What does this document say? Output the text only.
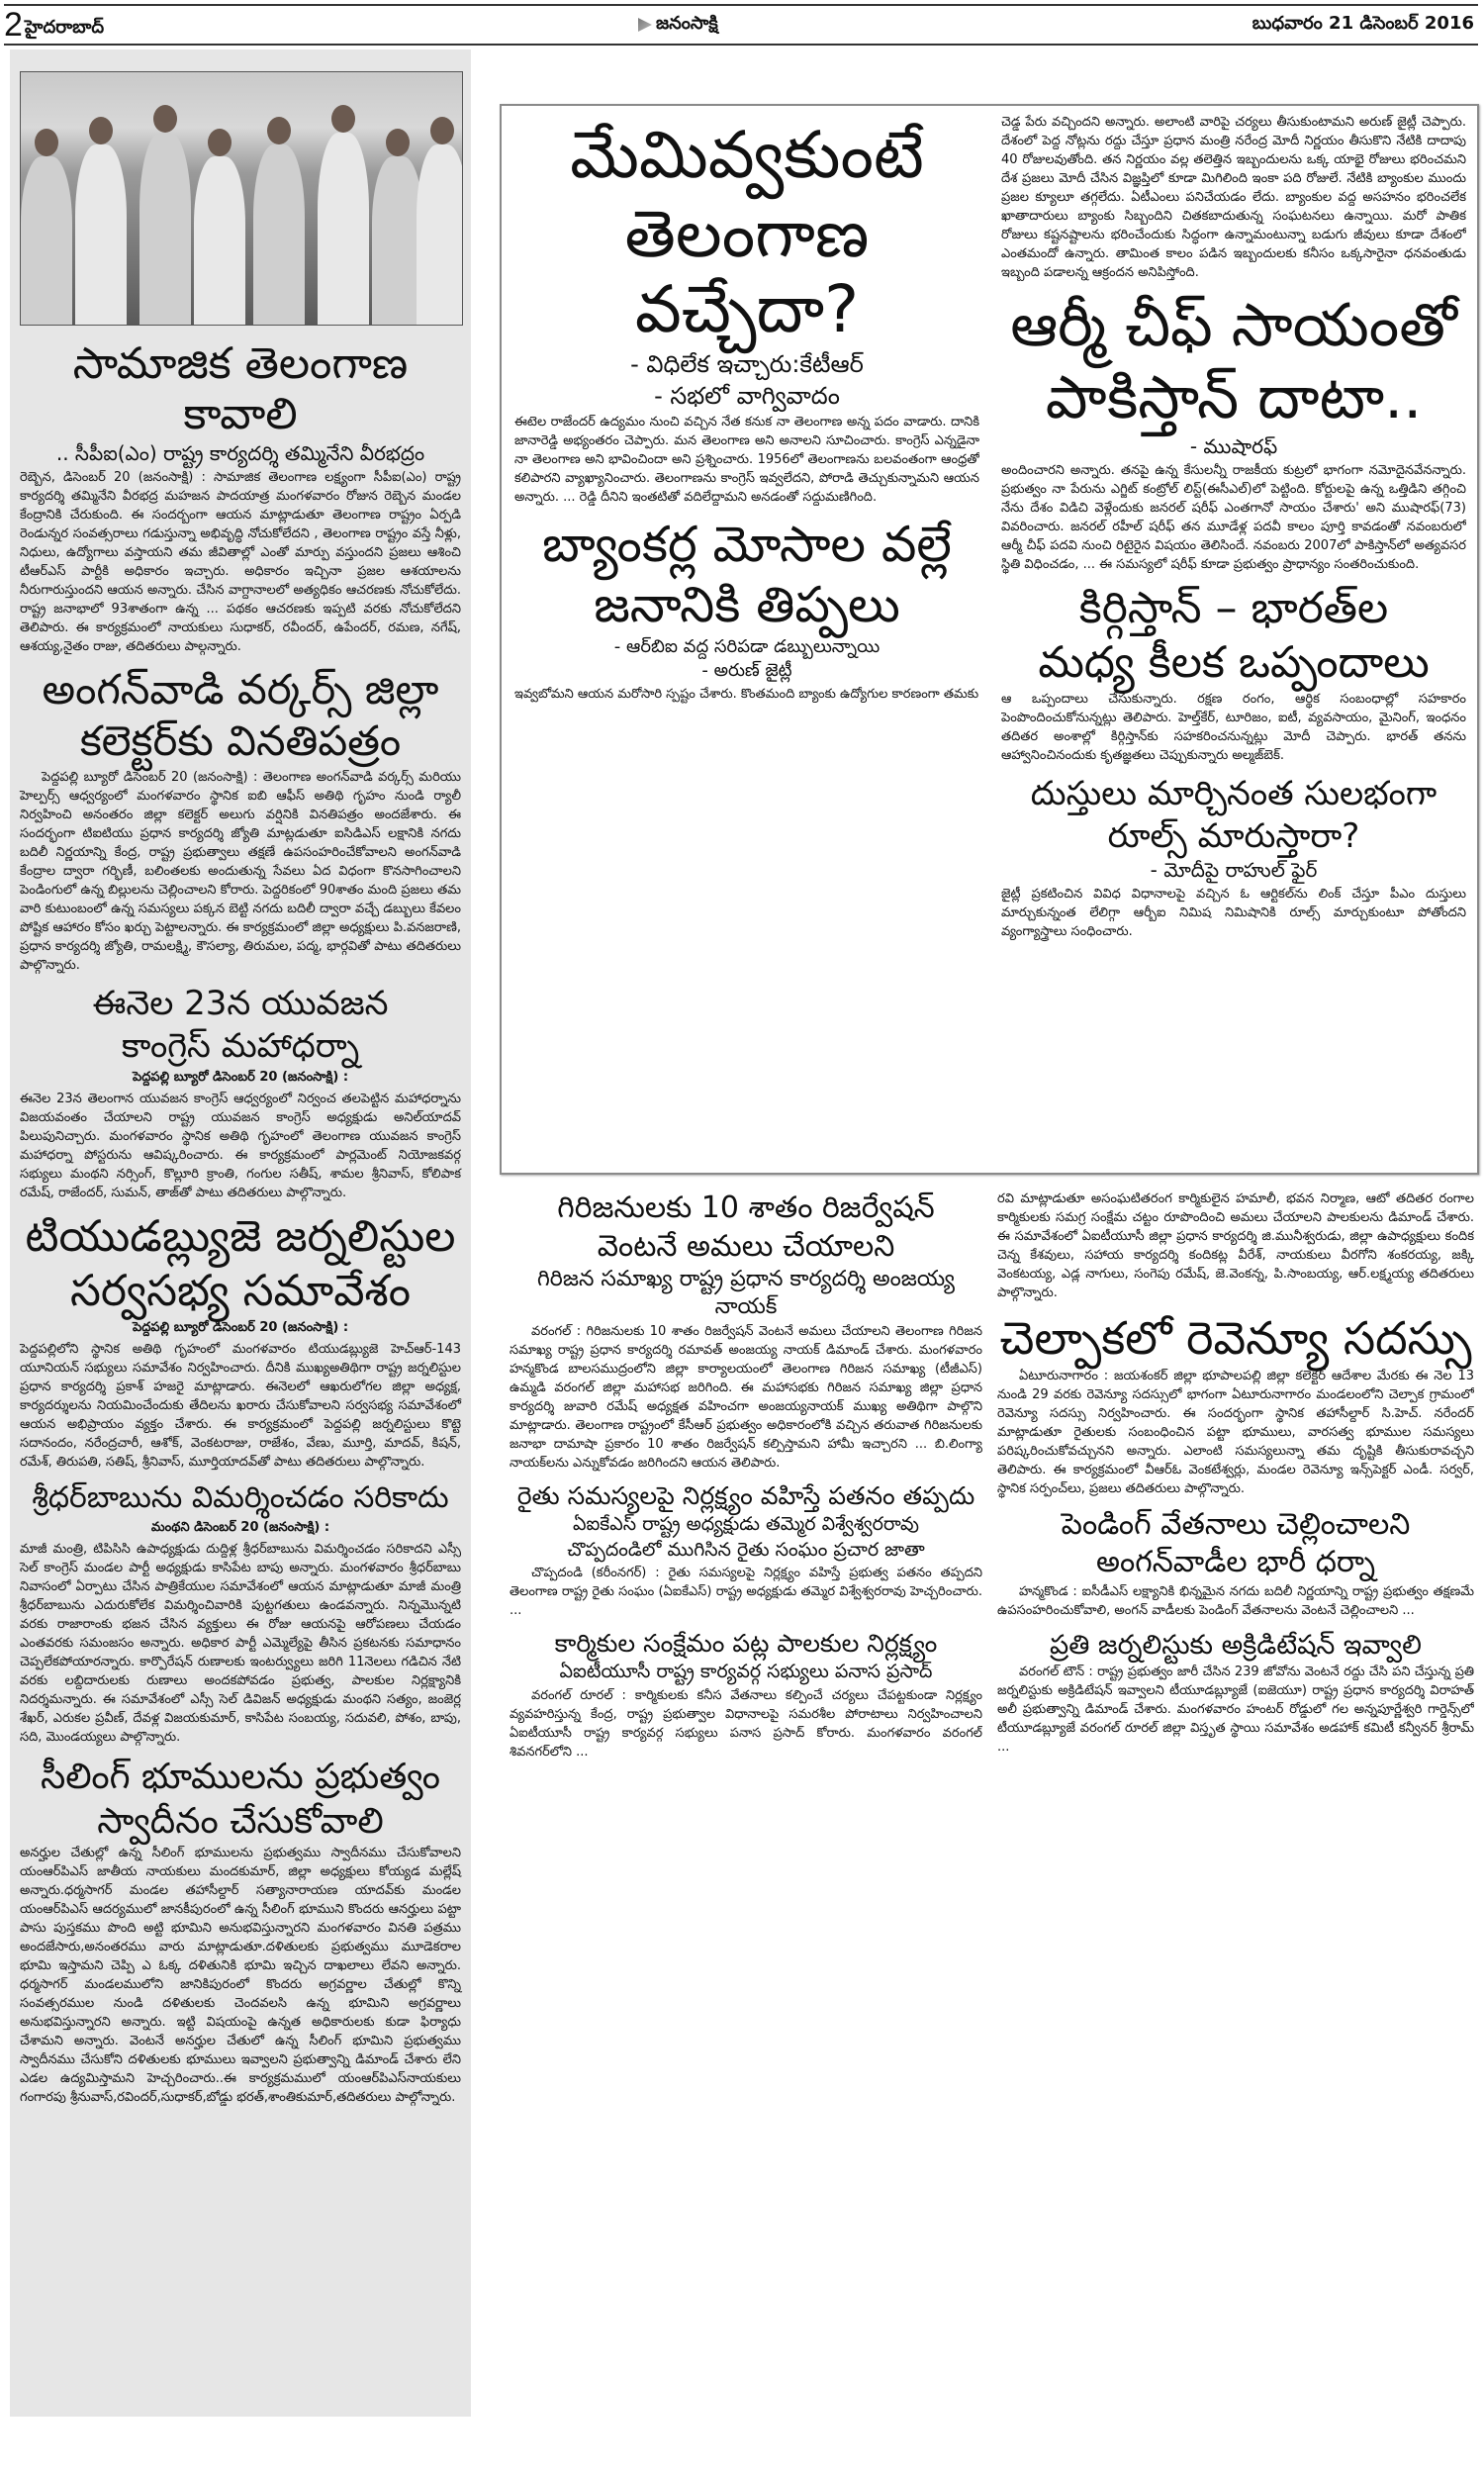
2 హైదరాబాద్	జనంసాక్షి	బుధవారం 21 డిసెంబర్ 2016
సామాజిక తెలంగాణ కావాలి
.. సీపీఐ(ఎం) రాష్ట్ర కార్యదర్శి తమ్మినేని వీరభద్రం

రెబ్బెన, డిసెంబర్ 20 (జనంసాక్షి) : సామాజిక తెలంగాణ లక్ష్యంగా సీపీఐ(ఎం) రాష్ట్ర కార్యదర్శి తమ్మినేని వీరభద్ర మహజన పాదయాత్ర మంగళవారం రోజున రెబ్బెన మండల కేంద్రానికి చేరుకుంది. ఈ సందర్బంగా ఆయన మాట్లాడుతూ తెలంగాణ రాష్ట్రం ఏర్పడి రెండున్నర సంవత్సరాలు గడుస్తున్నా అభివృద్ధి నోచుకోలేదని , తెలంగాణ రాష్ట్రం వస్తే నీళ్లు, నిధులు, ఉద్యోగాలు వస్తాయని తమ జీవితాల్లో ఎంతో మార్పు వస్తుందని ప్రజలు ఆశించి టీఆర్ఎస్ పార్టీకి అధికారం ఇచ్చారు. అధికారం ఇచ్చినా ప్రజల ఆశయాలను నీరుగారుస్తుందని ఆయన అన్నారు. చేసిన వాగ్దానాలలో అత్యధికం ఆచరణకు నోచుకోలేదు. రాష్ట్ర జనాభాలో 93శాతంగా ఉన్న ... పథకం ఆచరణకు ఇప్పటి వరకు నోచుకోలేదని తెలిపారు. ఈ కార్యక్రమంలో నాయకులు సుధాకర్, రవీందర్, ఉపేందర్, రమణ, నగేష్, ఆశయ్య,నైతం రాజు, తదితరులు పాల్గన్నారు.

అంగన్‌వాడి వర్కర్స్ జిల్లా
కలెక్టర్‌కు వినతిపత్రం

పెద్దపల్లి బ్యూరో డిసెంబర్ 20 (జనంసాక్షి) : తెలంగాణ అంగన్‌వాడి వర్కర్స్ మరియు హెల్పర్స్ ఆధ్వర్యంలో మంగళవారం స్థానిక ఐబి ఆఫీస్ అతిథి గృహం నుండి ర్యాలీ నిర్వహించి అనంతరం జిల్లా కలెక్టర్ అలుగు వర్షినికి వినతిపత్రం అందజేశారు. ఈ సందర్భంగా టిఐటియు ప్రధాన కార్యదర్శి జ్యోతి మాట్లడుతూ ఐసిడిఎస్ లక్షానికి నగదు బదిలీ నిర్ణయాన్ని కేంద్ర, రాష్ట్ర ప్రభుత్వాలు తక్షణే ఉపసంహరించేకోవాలని అంగన్‌వాడి కేంద్రాల ద్వారా గర్భిణీ, బలింతలకు అందుతున్న సేవలు ఏద విధంగా కొనసాగించాలని పెండింగులో ఉన్న బిల్లులను చెల్లించాలని కోరారు. పెద్దరికంలో 90శాతం మంది ప్రజలు తమ వారి కుటుంబంలో ఉన్న సమస్యలు పక్కన బెట్టి నగదు బదిలీ ద్వారా వచ్చే డబ్బులు కేవలం పోష్టిక ఆహారం కోసం ఖర్చు పెట్టాలన్నారు. ఈ కార్యక్రమంలో జిల్లా అధ్యక్షులు పి.వనజరాణి, ప్రధాన కార్యదర్శి జ్యోతి, రామలక్ష్మి, కౌసల్యా, తిరుమల, పద్మ, భార్గవితో పాటు తదితరులు పాల్గొన్నారు.

ఈనెల 23న యువజన
కాంగ్రెస్ మహాధర్నా
పెద్దపల్లి బ్యూరో డిసెంబర్ 20 (జనంసాక్షి) :

ఈనెల 23న తెలంగాన యువజన కాంగ్రెస్ ఆధ్వర్యంలో నిర్వంచ తలపెట్టిన మహాధర్నాను విజయవంతం చేయాలని రాష్ట్ర యువజన కాంగ్రెస్ అధ్యక్షుడు అనిల్‌యాదవ్ పిలుపునిచ్చారు. మంగళవారం స్థానిక అతిథి గృహంలో తెలంగాణ యువజన కాంగ్రెస్ మహాధర్నా పోస్టరును ఆవిష్కరించారు. ఈ కార్యక్రమంలో పార్లమెంట్ నియోజకవర్గ సభ్యులు మంథని నర్సింగ్, కొల్లూరి క్రాంతి, గంగుల సతీష్, శామల శ్రీనివాస్, కోలిపాక రమేష్, రాజేందర్, సుమన్, తాజ్‌తో పాటు తదితరులు పాల్గొన్నారు.

టియుడబ్ల్యుజె జర్నలిస్టుల
సర్వసభ్య సమావేశం
పెద్దపల్లి బ్యూరో డిసెంబర్ 20 (జనంసాక్షి) :

పెద్దపల్లిలోని స్థానిక అతిథి గృహంలో మంగళవారం టియుడబ్ల్యుజె హెచ్ఆర్-143 యూనియన్ సభ్యులు సమావేశం నిర్వహించారు. దీనికి ముఖ్యఅతిథిగా రాష్ట్ర జర్నలిస్టుల ప్రధాన కార్యదర్శి ప్రకాశ్ హజరై మాట్లాడారు. ఈనెలలో ఆఖరులోగల జిల్లా అధ్యక్ష, కార్యదర్శులను నియమించేందుకు తేదిలను ఖరారు చేసుకోవాలని సర్వసభ్య సమావేశంలో ఆయన అభిప్రాయం వ్యక్తం చేశారు. ఈ కార్యక్రమంలో పెద్దపల్లి జర్నలిస్టులు కొట్టె సదానందం, నరేంద్రచారీ, ఆశోక్, వెంకటరాజు, రాజేశం, వేణు, మూర్తి, మాదవ్, కిషన్, రమేశ్, తిరుపతి, సతిష్, శ్రీనివాస్, మూర్తియాదవ్‌తో పాటు తదితరులు పాల్గొన్నారు.

శ్రీధర్‌బాబును విమర్శించడం సరికాదు
మంథని డిసెంబర్ 20 (జనంసాక్షి) :

మాజీ మంత్రి, టిపిసిసి ఉపాధ్యక్షుడు దుద్దిళ్ల శ్రీధర్‌బాబును విమర్శించడం సరికాదని ఎస్సీ సెల్ కాంగ్రెస్ మండల పార్టీ అధ్యక్షుడు కాసిపేట బాపు అన్నారు. మంగళవారం శ్రీధర్‌బాబు నివాసంలో ఏర్పాటు చేసిన పాత్రికేయుల సమావేశంలో ఆయన మాట్లాడుతూ మాజీ మంత్రి శ్రీధర్‌బాబును ఎదురుకోలేక విమర్శించివారికి పుట్టగతులు ఉండవన్నారు. నిన్నమొన్నటి వరకు రాజారాంకు భజన చేసిన వ్యక్తులు ఈ రోజు ఆయనపై ఆరోపణలు చేయడం ఎంతవరకు సమంజసం అన్నారు. అధికార పార్టీ ఎమ్మెల్యేపై తీసిన ప్రకటనకు సమాధానం చెప్పలేకపోయారన్నారు. కార్పొరేషన్ రుణాలకు ఇంటర్వ్యులు జరిగి 11నెలలు గడిచిన నేటి వరకు లబ్దిదారులకు రుణాలు అందకపోవడం ప్రభుత్వ, పాలకుల నిర్లక్ష్యానికి నిదర్శమన్నారు. ఈ సమావేశంలో ఎస్సీ సెల్ డివిజన్ అధ్యక్షుడు మంథని సత్యం, జంజెర్ల శేఖర్, ఎరుకల ప్రవీణ్, దేవళ్ల విజయకుమార్, కాసిపేట సంబయ్య, సదువలి, పోశం, బాపు, సది, మొండయ్యలు పాల్గొన్నారు.

సీలింగ్ భూములను ప్రభుత్వం
స్వాదీనం చేసుకోవాలి

అనర్హుల చేతుల్లో ఉన్న సీలింగ్ భూములను ప్రభుత్వము స్వాదీనము చేసుకోవాలని యంఆర్‌పిఎస్ జాతీయ నాయకులు మందకుమార్, జిల్లా అధ్యక్షులు కోయ్యడ మల్లేష్ అన్నారు.ధర్మసాగర్ మండల తహాసీల్దార్ సత్యానారాయణ యాదవ్‌కు మండల యంఆర్‌పిఎస్ ఆదర్యములో జానకీపురంలో ఉన్న సీలింగ్ భూముని కొందరు ఆనర్హులు పట్టా పాసు పుస్తకము పొంది అట్టి భూమిని అనుభవిస్తున్నారని మంగళవారం వినతి పత్రము అందజేసారు,అనంతరము వారు మాట్లాడుతూ.దళితులకు ప్రభుత్వము మూడెకరాల భూమి ఇస్తామని చెప్పి ఎ ఓక్క దళితునికి భూమి ఇచ్చిన దాఖలాలు లేవని అన్నారు. ధర్మసాగర్ మండలములోని జానికిపురంలో కొందరు అగ్రవర్ణాల చేతుల్లో కొన్ని సంవత్సరముల నుండి దళితులకు చెందవలసి ఉన్న భూమిని అగ్రవర్ణాలు అనుభవిస్తున్నారని అన్నారు. ఇట్టి విషయంపై ఉన్నత అధికారులకు కుడా ఫిర్యాధు చేశామని అన్నారు. వెంటనే అనర్హుల చేతులో ఉన్న సీలింగ్ భూమిని ప్రభుత్వము స్వాదీనము చేసుకోని దళితులకు భూములు ఇవ్వాలని ప్రభుత్వాన్ని డిమాండ్ చేశారు లేని ఎడల ఉద్యమిస్తామని హెచ్చరించారు..ఈ కార్యక్రమములో యంఆర్‌పిఎస్‌నాయకులు గంగారపు శ్రీనువాస్,రవిందర్,సుధాకర్,బోడ్డు భరత్,శాంతికుమార్,తదితరులు పాల్గోన్నారు.

మేమివ్వకుంటే
తెలంగాణ వచ్చేదా?
- విధిలేక ఇచ్చారు:కేటీఆర్
- సభలో వాగ్వివాదం

ఈటెల రాజేందర్ ఉద్యమం నుంచి వచ్చిన నేత కనుక నా తెలంగాణ అన్న పదం వాడారు. దానికి జానారెడ్డి అభ్యంతరం చెప్పారు. మన తెలంగాణ అని అనాలని సూచించారు. కాంగ్రెస్ ఎన్నడైనా నా తెలంగాణ అని భావించిందా అని ప్రశ్నించారు. 1956లో తెలంగాణను బలవంతంగా ఆంధ్రతో కలిపారని వ్యాఖ్యానించారు. తెలంగాణను కాంగ్రెస్ ఇవ్వలేదని, పోరాడి తెచ్చుకున్నామని ఆయన అన్నారు. ... రెడ్డి దీనిని ఇంతటితో వదిలేద్దామని అనడంతో సద్దుమణిగింది.

బ్యాంకర్ల మోసాల వల్లే
జనానికి తిప్పలు
- ఆర్‌బిఐ వద్ద సరిపడా డబ్బులున్నాయి
- అరుణ్ జైట్లీ

ఇవ్వబోమని ఆయన మరోసారి స్పష్టం చేశారు. కొంతమంది బ్యాంకు ఉద్యోగుల కారణంగా తమకు

చెడ్డ పేరు వచ్చిందని అన్నారు. అలాంటి వారిపై చర్యలు తీసుకుంటామని అరుణ్ జైట్లీ చెప్పారు. దేశంలో పెద్ద నోట్లను రద్దు చేస్తూ ప్రధాన మంత్రి నరేంద్ర మోదీ నిర్ణయం తీసుకొని నేటికి దాదాపు 40 రోజులవుతోంది. తన నిర్ణయం వల్ల తలెత్తిన ఇబ్బందులను ఒక్క యాభై రోజులు భరించమని దేశ ప్రజలు మోదీ చేసిన విజ్ఞప్తిలో కూడా మిగిలింది ఇంకా పది రోజులే. నేటికి బ్యాంకుల ముందు ప్రజల క్యూలూ తగ్గలేదు. ఏటీఎంలు పనిచేయడం లేదు. బ్యాంకుల వద్ద అసహనం భరించలేక ఖాతాదారులు బ్యాంకు సిబ్బందిని చితకబాదుతున్న సంఘటనలు ఉన్నాయి. మరో పాతిక రోజులు కష్టనష్టాలను భరించేందుకు సిద్ధంగా ఉన్నామంటున్నా బడుగు జీవులు కూడా దేశంలో ఎంతమందో ఉన్నారు. తామింత కాలం పడిన ఇబ్బందులకు కనీసం ఒక్కసారైనా ధనవంతుడు ఇబ్బంది పడాలన్న ఆక్రందన అనిపిస్తోంది.

ఆర్మీ చీఫ్ సాయంతో
పాకిస్తాన్ దాటా..
- ముషారఫ్

అందించారని అన్నారు. తనపై ఉన్న కేసులన్నీ రాజకీయ కుట్రలో భాగంగా నమోదైనవేనన్నారు. ప్రభుత్వం నా పేరును ఎగ్జిట్ కంట్రోల్ లిస్ట్(ఈసీఎల్)లో పెట్టింది. కోర్టులపై ఉన్న ఒత్తిడిని తగ్గించి నేను దేశం విడిచి వెళ్లేందుకు జనరల్ షరీఫ్ ఎంతగానో సాయం చేశారు' అని ముషారఫ్(73) వివరించారు. జనరల్ రహీల్ షరీఫ్ తన మూడేళ్ల పదవీ కాలం పూర్తి కావడంతో నవంబరులో ఆర్మీ చీఫ్ పదవి నుంచి రిటైరైన విషయం తెలిసిందే. నవంబరు 2007లో పాకిస్తాన్‌లో అత్యవసర స్థితి విధించడం, ... ఈ సమస్యలో షరీఫ్ కూడా ప్రభుత్వం ప్రాధాన్యం సంతరించుకుంది.

కిర్గిస్తాన్ – భారత్‌ల
మధ్య కీలక ఒప్పందాలు

ఆ ఒప్పందాలు చేసుకున్నారు. రక్షణ రంగం, ఆర్థిక సంబంధాల్లో సహకారం పెంపొందించుకోనున్నట్లు తెలిపారు. హెల్త్‌కేర్, టూరిజం, ఐటీ, వ్యవసాయం, మైనింగ్, ఇంధనం తదితర అంశాల్లో కిర్గిస్తాన్‌కు సహకరించనున్నట్లు మోదీ చెప్పారు. భారత్ తనను ఆహ్వానించినందుకు కృతజ్ఞతలు చెప్పుకున్నారు అల్మజ్‌బెక్.

దుస్తులు మార్చినంత సులభంగా
రూల్స్ మారుస్తారా?
- మోదీపై రాహుల్ ఫైర్

జైట్లీ ప్రకటించిన వివిధ విధానాలపై వచ్చిన ఓ ఆర్టికల్‌ను లింక్ చేస్తూ పీఎం దుస్తులు మార్చుకున్నంత లేలిగ్గా ఆర్బీఐ నిమిష నిమిషానికి రూల్స్ మార్చుకుంటూ పోతోందని వ్యంగ్యాస్త్రాలు సంధించారు.

గిరిజనులకు 10 శాతం రిజర్వేషన్
వెంటనే అమలు చేయాలని
గిరిజన సమాఖ్య రాష్ట్ర ప్రధాన కార్యదర్శి అంజయ్య నాయక్

వరంగల్ : గిరిజనులకు 10 శాతం రిజర్వేషన్ వెంటనే అమలు చేయాలని తెలంగాణ గిరిజన సమాఖ్య రాష్ట్ర ప్రధాన కార్యదర్శి రమావత్ అంజయ్య నాయక్ డిమాండ్ చేశారు. మంగళవారం హన్మకొండ బాలసముద్రంలోని జిల్లా కార్యాలయంలో తెలంగాణ గిరిజన సమాఖ్య (టీజీఎస్) ఉమ్మడి వరంగల్ జిల్లా మహాసభ జరిగింది. ఈ మహాసభకు గిరిజన సమాఖ్య జిల్లా ప్రధాన కార్యదర్శి జువారి రమేష్ అధ్యక్షత వహించగా అంజయ్యనాయక్ ముఖ్య అతిథిగా పాల్గొని మాట్లాడారు. తెలంగాణ రాష్ట్రంలో కేసీఆర్ ప్రభుత్వం అధికారంలోకి వచ్చిన తరువాత గిరిజనులకు జనాభా దామాషా ప్రకారం 10 శాతం రిజర్వేషన్ కల్పిస్తామని హామీ ఇచ్చారని ... బి.లింగ్యా నాయక్‌లను ఎన్నుకోవడం జరిగిందని ఆయన తెలిపారు.

రైతు సమస్యలపై నిర్లక్ష్యం వహిస్తే పతనం తప్పదు
ఏఐకేఎస్ రాష్ట్ర అధ్యక్షుడు తమ్మెర విశ్వేశ్వరరావు
చొప్పదండిలో ముగిసిన రైతు సంఘం ప్రచార జాతా

చొప్పదండి (కరీంనగర్) : రైతు సమస్యలపై నిర్లక్ష్యం వహిస్తే ప్రభుత్వ పతనం తప్పదని తెలంగాణ రాష్ట్ర రైతు సంఘం (ఏఐకేఎస్) రాష్ట్ర అధ్యక్షుడు తమ్మెర విశ్వేశ్వరరావు హెచ్చరించారు. ...

కార్మికుల సంక్షేమం పట్ల పాలకుల నిర్లక్ష్యం
ఏఐటీయూసీ రాష్ట్ర కార్యవర్గ సభ్యులు పనాస ప్రసాద్

వరంగల్ రూరల్ : కార్మికులకు కనీస వేతనాలు కల్పించే చర్యలు చేపట్టకుండా నిర్లక్ష్యం వ్యవహరిస్తున్న కేంద్ర, రాష్ట్ర ప్రభుత్వాల విధానాలపై సమరశీల పోరాటాలు నిర్వహించాలని ఏఐటీయూసీ రాష్ట్ర కార్యవర్గ సభ్యులు పనాస ప్రసాద్ కోరారు. మంగళవారం వరంగల్ శివనగర్‌లోని ...

రవి మాట్లాడుతూ అసంఘటితరంగ కార్మికులైన హమాలీ, భవన నిర్మాణ, ఆటో తదితర రంగాల కార్మికులకు సమగ్ర సంక్షేమ చట్టం రూపొందించి అమలు చేయాలని పాలకులను డిమాండ్ చేశారు. ఈ సమావేశంలో ఏఐటీయూసీ జిల్లా ప్రధాన కార్యదర్శి జి.మునీశ్వరుడు, జిల్లా ఉపాధ్యక్షులు కందిక చెన్న కేశవులు, సహాయ కార్యదర్శి కందికట్ల వీరేశ్, నాయకులు వీరగోని శంకరయ్య, జక్కి వెంకటయ్య, ఎడ్ల నాగులు, సంగెపు రమేష్, జె.వెంకన్న, పి.సాంబయ్య, ఆర్.లక్ష్మయ్య తదితరులు పాల్గొన్నారు.

చెల్పాకలో రెవెన్యూ సదస్సు

ఏటూరునాగారం : జయశంకర్ జిల్లా భూపాలపల్లి జిల్లా కలెక్టర్ ఆదేశాల మేరకు ఈ నెల 13 నుండి 29 వరకు రెవెన్యూ సదస్సులో భాగంగా ఏటూరునాగారం మండలంలోని చెల్పాక గ్రామంలో రెవెన్యూ సదస్సు నిర్వహించారు. ఈ సందర్భంగా స్థానిక తహాసీల్దార్ సి.హెచ్. నరేందర్ మాట్లాడుతూ రైతులకు సంబంధించిన పట్టా భూములు, వారసత్వ భూముల సమస్యలు పరిష్కరించుకోవచ్చునని అన్నారు. ఎలాంటి సమస్యలున్నా తమ దృష్టికి తీసుకురావచ్చని తెలిపారు. ఈ కార్యక్రమంలో వీఆర్‌ఓ వెంకటేశ్వర్లు, మండల రెవెన్యూ ఇన్స్‌పెక్టర్ ఎండీ. సర్వర్, స్థానిక సర్పంచ్‌లు, ప్రజలు తదితరులు పాల్గొన్నారు.

పెండింగ్ వేతనాలు చెల్లించాలని
అంగన్‌వాడీల భారీ ధర్నా

హన్మకొండ : ఐసీడీఎస్ లక్ష్యానికి భిన్నమైన నగదు బదిలీ నిర్ణయాన్ని రాష్ట్ర ప్రభుత్వం తక్షణమే ఉపసంహరించుకోవాలి, అంగన్ వాడీలకు పెండింగ్ వేతనాలను వెంటనే చెల్లించాలని ...

ప్రతి జర్నలిస్టుకు అక్రిడిటేషన్ ఇవ్వాలి

వరంగల్ టౌన్ : రాష్ట్ర ప్రభుత్వం జారీ చేసిన 239 జోవోను వెంటనే రద్దు చేసి పని చేస్తున్న ప్రతి జర్నలిస్టుకు అక్రిడిటేషన్ ఇవ్వాలని టీయూడబ్ల్యూజే (ఐజెయూ) రాష్ట్ర ప్రధాన కార్యదర్శి విరాహత్ అలీ ప్రభుత్వాన్ని డిమాండ్ చేశారు. మంగళవారం హంటర్ రోడ్డులో గల అన్నపూర్ణేశ్వరి గార్డెన్స్‌లో టీయూడబ్ల్యూజే వరంగల్ రూరల్ జిల్లా విస్తృత స్థాయి సమావేశం అడహాక్ కమిటీ కన్వీనర్ శ్రీరామ్ ...
